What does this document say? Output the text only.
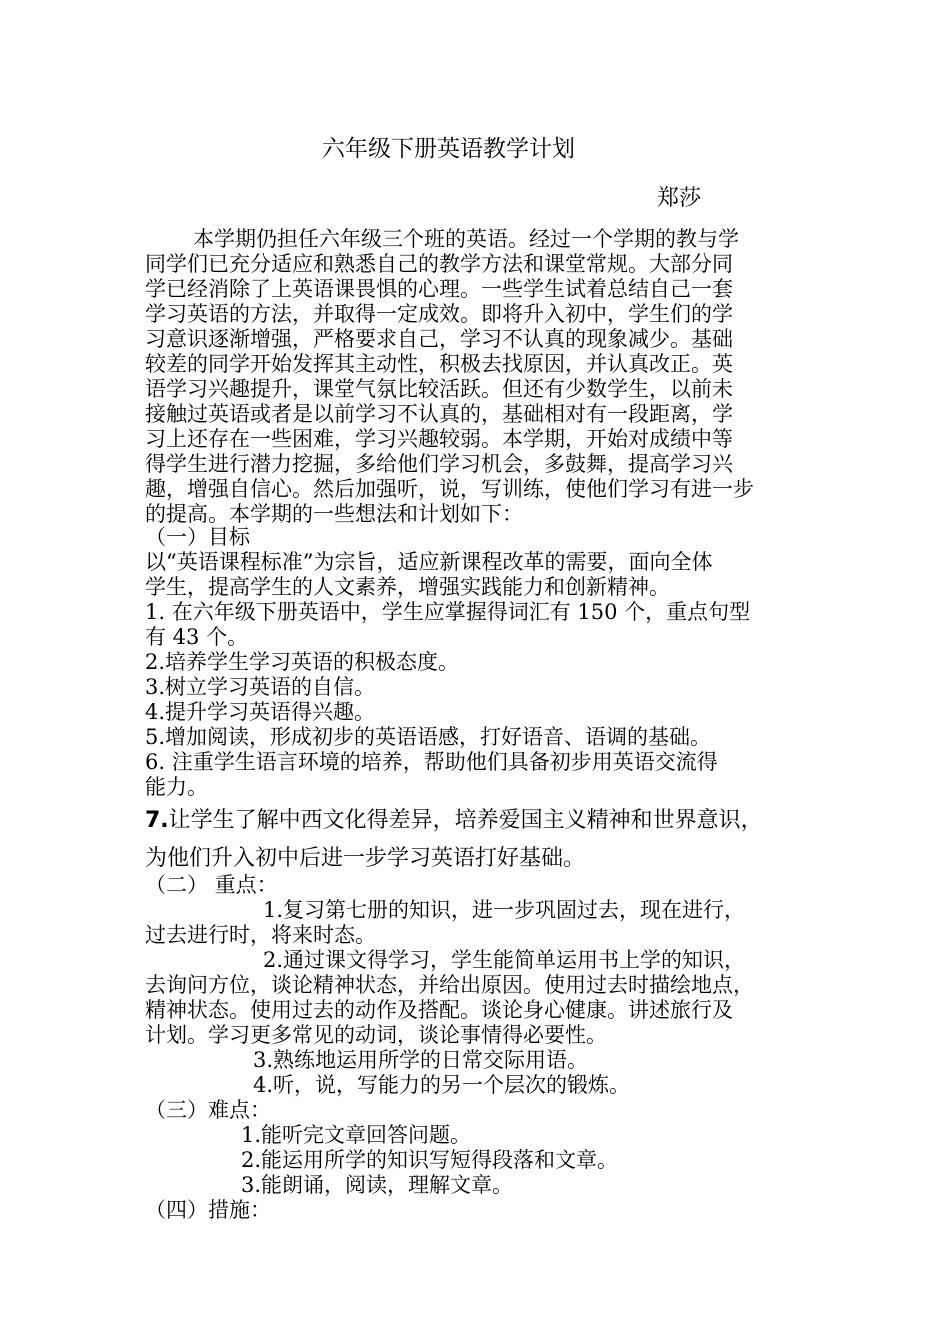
六年级下册英语教学计划
郑莎
本学期仍担任六年级三个班的英语。经过一个学期的教与学
同学们已充分适应和熟悉自己的教学方法和课堂常规。大部分同
学已经消除了上英语课畏惧的心理。一些学生试着总结自己一套
学习英语的方法，并取得一定成效。即将升入初中，学生们的学
习意识逐渐增强，严格要求自己，学习不认真的现象减少。基础
较差的同学开始发挥其主动性，积极去找原因，并认真改正。英
语学习兴趣提升，课堂气氛比较活跃。但还有少数学生，以前未
接触过英语或者是以前学习不认真的，基础相对有一段距离，学
习上还存在一些困难，学习兴趣较弱。本学期，开始对成绩中等
得学生进行潜力挖掘，多给他们学习机会，多鼓舞，提高学习兴
趣，增强自信心。然后加强听，说，写训练，使他们学习有进一步
的提高。本学期的一些想法和计划如下：
（一）目标
以“英语课程标准”为宗旨，适应新课程改革的需要，面向全体
学生，提高学生的人文素养，增强实践能力和创新精神。
1. 在六年级下册英语中，学生应掌握得词汇有 150 个，重点句型
有 43 个。
2.培养学生学习英语的积极态度。
3.树立学习英语的自信。
4.提升学习英语得兴趣。
5.增加阅读，形成初步的英语语感，打好语音、语调的基础。
6. 注重学生语言环境的培养，帮助他们具备初步用英语交流得
能力。
7.让学生了解中西文化得差异，培养爱国主义精神和世界意识，
为他们升入初中后进一步学习英语打好基础。
（二） 重点：
1.复习第七册的知识，进一步巩固过去，现在进行，
过去进行时，将来时态。
2.通过课文得学习，学生能简单运用书上学的知识，
去询问方位，谈论精神状态，并给出原因。使用过去时描绘地点，
精神状态。使用过去的动作及搭配。谈论身心健康。讲述旅行及
计划。学习更多常见的动词，谈论事情得必要性。
3.熟练地运用所学的日常交际用语。
4.听，说，写能力的另一个层次的锻炼。
（三）难点：
1.能听完文章回答问题。
2.能运用所学的知识写短得段落和文章。
3.能朗诵，阅读，理解文章。
（四）措施：
